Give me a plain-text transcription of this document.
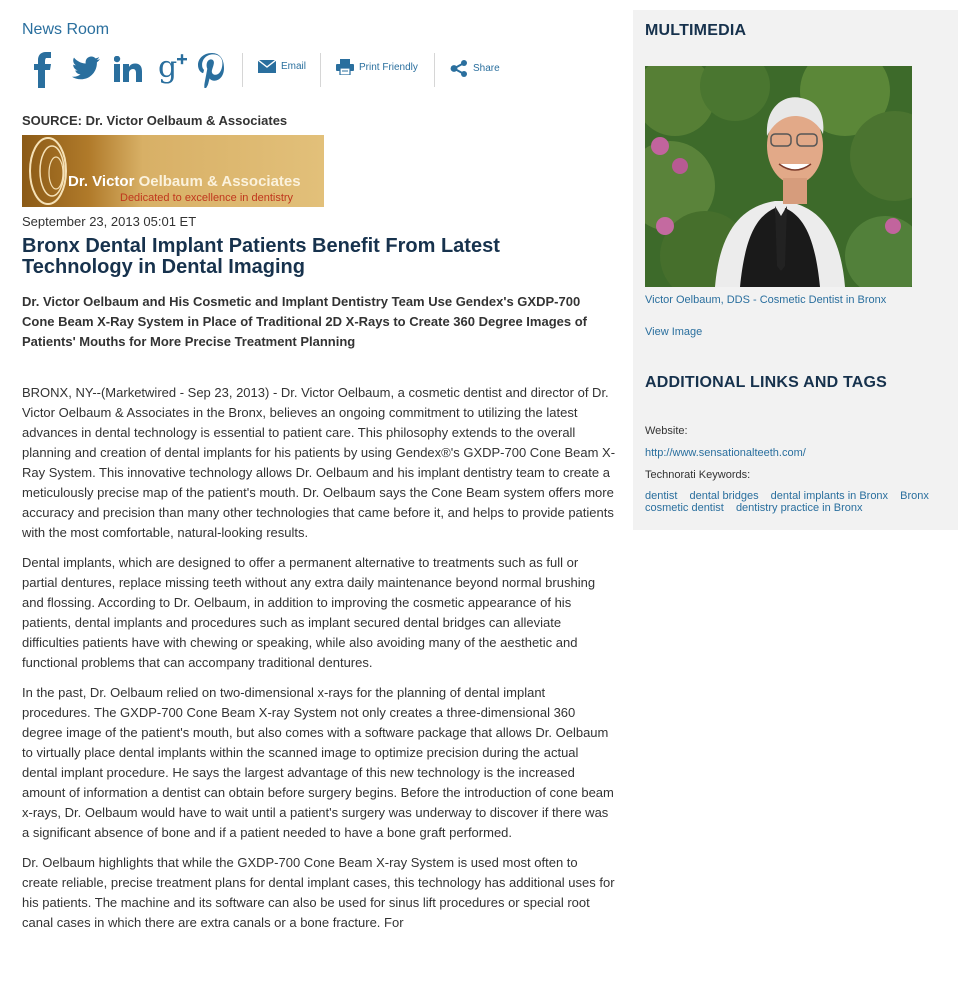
News Room
g	Email	Print Friendly	Share
SOURCE: Dr. Victor Oelbaum & Associates
Dr. Victor Oelbaum & Associates
Dedicated to excellence in dentistry
September 23, 2013 05:01 ET
Bronx Dental Implant Patients Benefit From Latest Technology in Dental Imaging
Dr. Victor Oelbaum and His Cosmetic and Implant Dentistry Team Use Gendex's GXDP-700 Cone Beam X-Ray System in Place of Traditional 2D X-Rays to Create 360 Degree Images of Patients' Mouths for More Precise Treatment Planning

BRONX, NY--(Marketwired - Sep 23, 2013) - Dr. Victor Oelbaum, a cosmetic dentist and director of Dr. Victor Oelbaum & Associates in the Bronx, believes an ongoing commitment to utilizing the latest advances in dental technology is essential to patient care. This philosophy extends to the overall planning and creation of dental implants for his patients by using Gendex®'s GXDP-700 Cone Beam X-Ray System. This innovative technology allows Dr. Oelbaum and his implant dentistry team to create a meticulously precise map of the patient's mouth. Dr. Oelbaum says the Cone Beam system offers more accuracy and precision than many other technologies that came before it, and helps to provide patients with the most comfortable, natural-looking results.

Dental implants, which are designed to offer a permanent alternative to treatments such as full or partial dentures, replace missing teeth without any extra daily maintenance beyond normal brushing and flossing. According to Dr. Oelbaum, in addition to improving the cosmetic appearance of his patients, dental implants and procedures such as implant secured dental bridges can alleviate difficulties patients have with chewing or speaking, while also avoiding many of the aesthetic and functional problems that can accompany traditional dentures.

In the past, Dr. Oelbaum relied on two-dimensional x-rays for the planning of dental implant procedures. The GXDP-700 Cone Beam X-ray System not only creates a three-dimensional 360 degree image of the patient's mouth, but also comes with a software package that allows Dr. Oelbaum to virtually place dental implants within the scanned image to optimize precision during the actual dental implant procedure. He says the largest advantage of this new technology is the increased amount of information a dentist can obtain before surgery begins. Before the introduction of cone beam x-rays, Dr. Oelbaum would have to wait until a patient's surgery was underway to discover if there was a significant absence of bone and if a patient needed to have a bone graft performed.

Dr. Oelbaum highlights that while the GXDP-700 Cone Beam X-ray System is used most often to create reliable, precise treatment plans for dental implant cases, this technology has additional uses for his patients. The machine and its software can also be used for sinus lift procedures or special root canal cases in which there are extra canals or a bone fracture. For

MULTIMEDIA
Victor Oelbaum, DDS - Cosmetic Dentist in Bronx
View Image
ADDITIONAL LINKS AND TAGS
Website:
http://www.sensationalteeth.com/
Technorati Keywords:
dentist dental bridges dental implants in Bronx Bronx cosmetic dentist dentistry practice in Bronx
